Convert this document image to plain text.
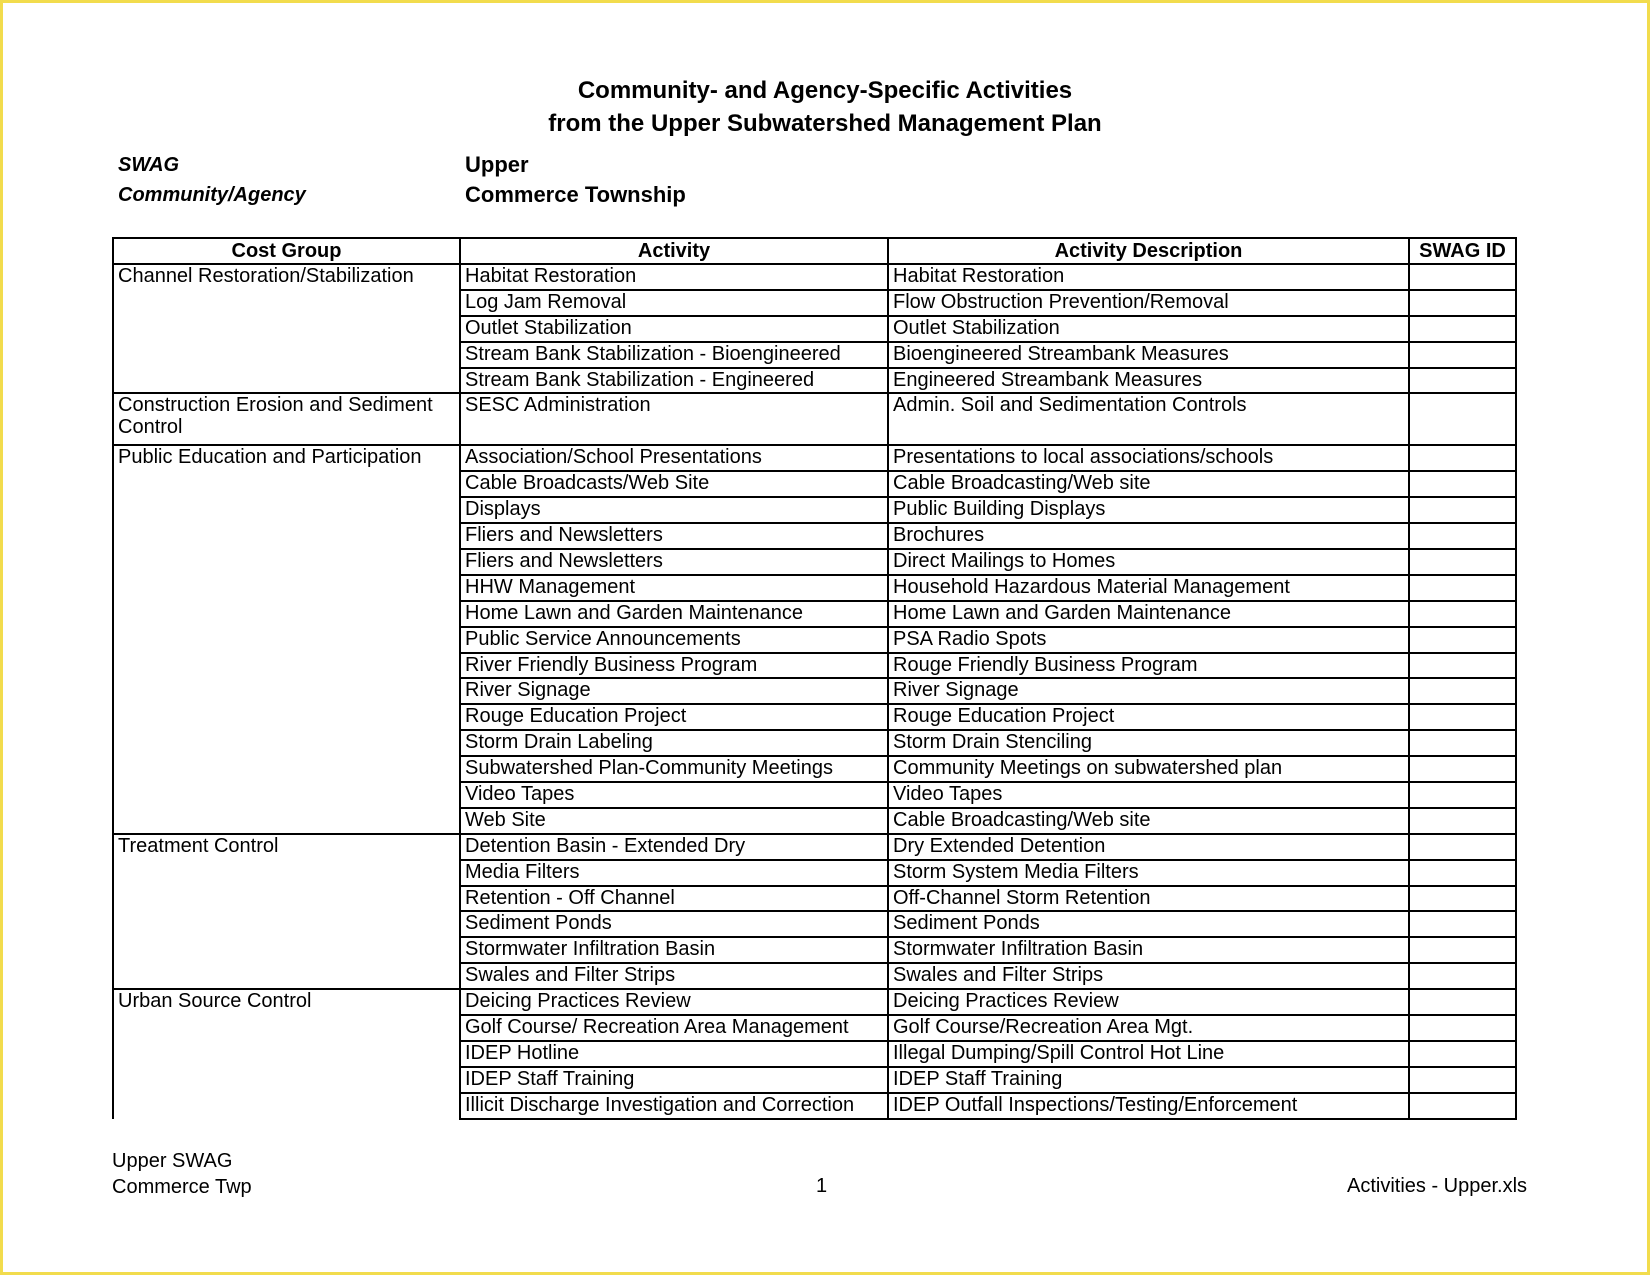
Community- and Agency-Specific Activities
from the Upper Subwatershed Management Plan
SWAG	Upper
Community/Agency	Commerce Township
Cost Group	Activity	Activity Description	SWAG ID
Channel Restoration/Stabilization	Habitat Restoration	Habitat Restoration	
	Log Jam Removal	Flow Obstruction Prevention/Removal	
	Outlet Stabilization	Outlet Stabilization	
	Stream Bank Stabilization - Bioengineered	Bioengineered Streambank Measures	
	Stream Bank Stabilization - Engineered	Engineered Streambank Measures	
Construction Erosion and Sediment Control	SESC Administration	Admin. Soil and Sedimentation Controls	
Public Education and Participation	Association/School Presentations	Presentations to local associations/schools	
	Cable Broadcasts/Web Site	Cable Broadcasting/Web site	
	Displays	Public Building Displays	
	Fliers and Newsletters	Brochures	
	Fliers and Newsletters	Direct Mailings to Homes	
	HHW Management	Household Hazardous Material Management	
	Home Lawn and Garden Maintenance	Home Lawn and Garden Maintenance	
	Public Service Announcements	PSA Radio Spots	
	River Friendly Business Program	Rouge Friendly Business Program	
	River Signage	River Signage	
	Rouge Education Project	Rouge Education Project	
	Storm Drain Labeling	Storm Drain Stenciling	
	Subwatershed Plan-Community Meetings	Community Meetings on subwatershed plan	
	Video Tapes	Video Tapes	
	Web Site	Cable Broadcasting/Web site	
Treatment Control	Detention Basin - Extended Dry	Dry Extended Detention	
	Media Filters	Storm System Media Filters	
	Retention - Off Channel	Off-Channel Storm Retention	
	Sediment Ponds	Sediment Ponds	
	Stormwater Infiltration Basin	Stormwater Infiltration Basin	
	Swales and Filter Strips	Swales and Filter Strips	
Urban Source Control	Deicing Practices Review	Deicing Practices Review	
	Golf Course/ Recreation Area Management	Golf Course/Recreation Area Mgt.	
	IDEP Hotline	Illegal Dumping/Spill Control Hot Line	
	IDEP Staff Training	IDEP Staff Training	
	Illicit Discharge Investigation and Correction	IDEP Outfall Inspections/Testing/Enforcement	
Upper SWAG
Commerce Twp	1	Activities - Upper.xls
